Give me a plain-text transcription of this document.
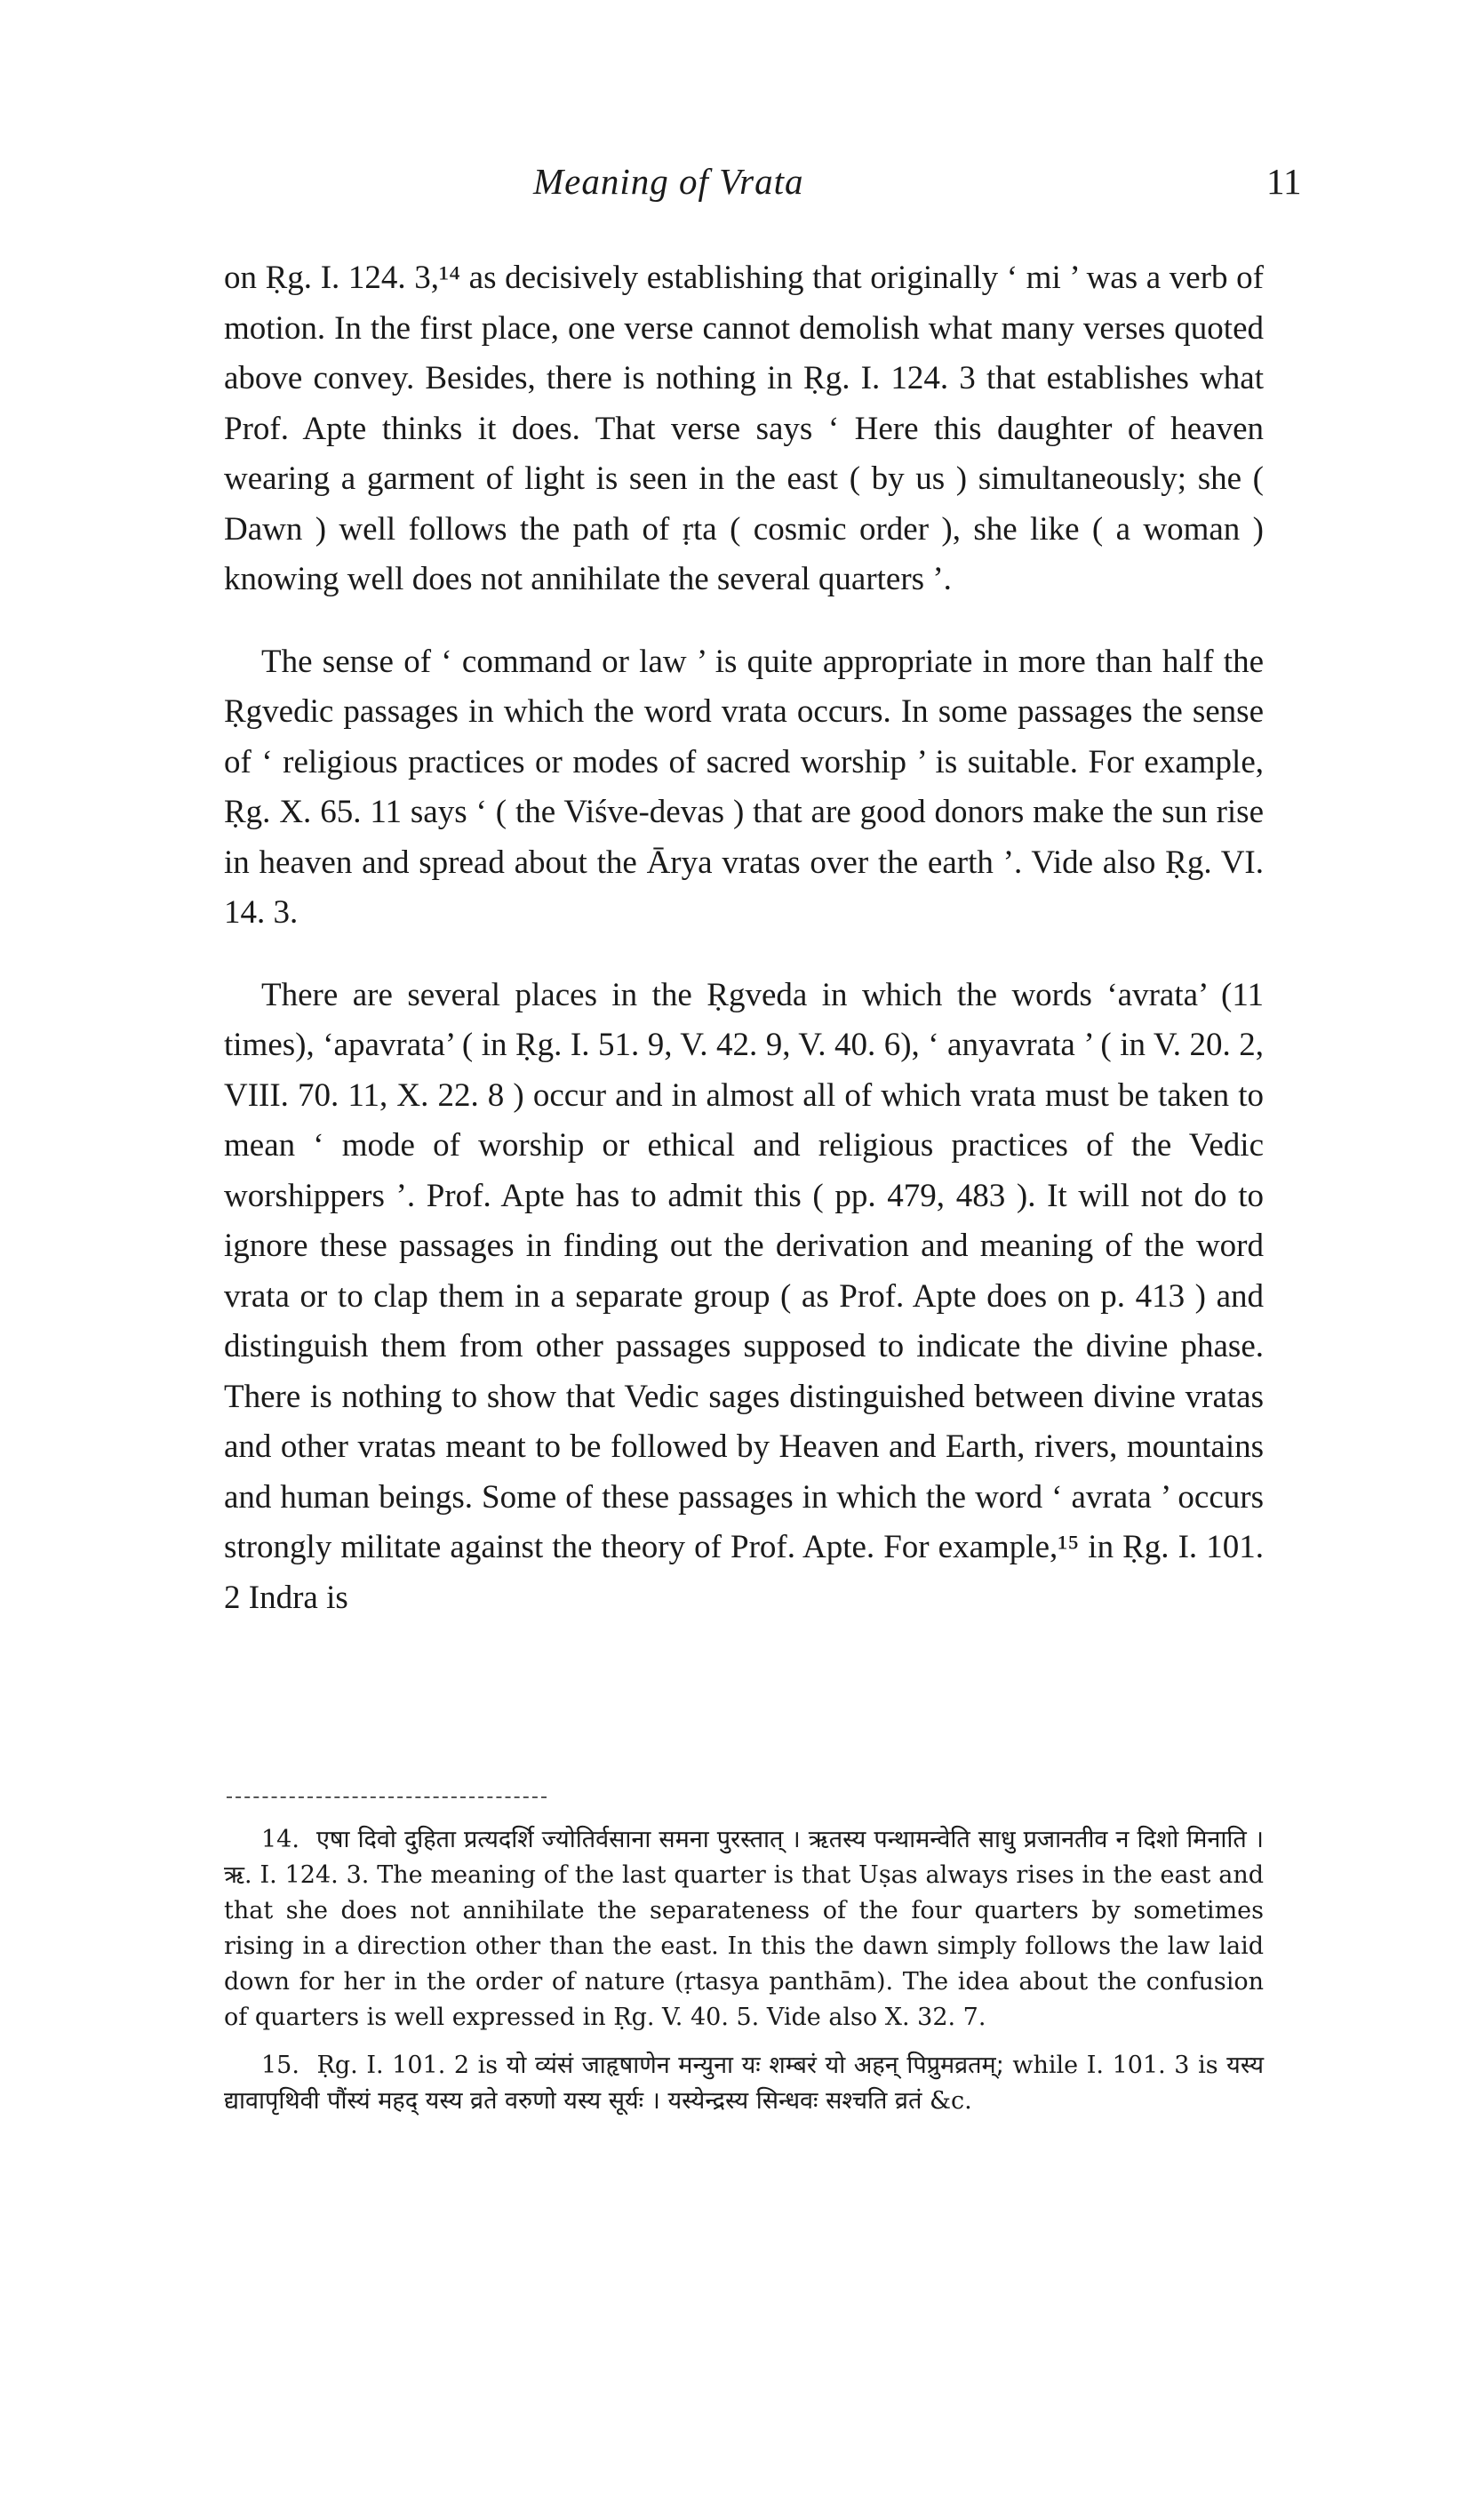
Meaning of Vrata	11

on Ṛg. I. 124. 3,¹⁴ as decisively establishing that originally ‘ mi ’ was a verb of motion. In the first place, one verse cannot demolish what many verses quoted above convey. Besides, there is nothing in Ṛg. I. 124. 3 that establishes what Prof. Apte thinks it does. That verse says ‘ Here this daughter of heaven wearing a garment of light is seen in the east ( by us ) simultaneously; she ( Dawn ) well follows the path of ṛta ( cosmic order ), she like ( a woman ) knowing well does not annihilate the several quarters ’.

The sense of ‘ command or law ’ is quite appropriate in more than half the Ṛgvedic passages in which the word vrata occurs. In some passages the sense of ‘ religious practices or modes of sacred worship ’ is suitable. For example, Ṛg. X. 65. 11 says ‘ ( the Viśve-devas ) that are good donors make the sun rise in heaven and spread about the Ārya vratas over the earth ’. Vide also Ṛg. VI. 14. 3.

There are several places in the Ṛgveda in which the words ‘avrata’ (11 times), ‘apavrata’ ( in Ṛg. I. 51. 9, V. 42. 9, V. 40. 6), ‘ anyavrata ’ ( in V. 20. 2, VIII. 70. 11, X. 22. 8 ) occur and in almost all of which vrata must be taken to mean ‘ mode of worship or ethical and religious practices of the Vedic worshippers ’. Prof. Apte has to admit this ( pp. 479, 483 ). It will not do to ignore these passages in finding out the derivation and meaning of the word vrata or to clap them in a separate group ( as Prof. Apte does on p. 413 ) and distinguish them from other passages supposed to indicate the divine phase. There is nothing to show that Vedic sages distinguished between divine vratas and other vratas meant to be followed by Heaven and Earth, rivers, mountains and human beings. Some of these passages in which the word ‘ avrata ’ occurs strongly militate against the theory of Prof. Apte. For example,¹⁵ in Ṛg. I. 101. 2 Indra is

14. एषा दिवो दुहिता प्रत्यदर्शि ज्योतिर्वसाना समना पुरस्तात् । ऋतस्य पन्थामन्वेति साधु प्रजानतीव न दिशो मिनाति । ऋ. I. 124. 3. The meaning of the last quarter is that Uṣas always rises in the east and that she does not annihilate the separateness of the four quarters by sometimes rising in a direction other than the east. In this the dawn simply follows the law laid down for her in the order of nature (ṛtasya panthām). The idea about the confusion of quarters is well expressed in Ṛg. V. 40. 5. Vide also X. 32. 7.

15. Ṛg. I. 101. 2 is यो व्यंसं जाहृषाणेन मन्युना यः शम्बरं यो अहन् पिप्रुमव्रतम्; while I. 101. 3 is यस्य द्यावापृथिवी पौंस्यं महद् यस्य व्रते वरुणो यस्य सूर्यः । यस्येन्द्रस्य सिन्धवः सश्चति व्रतं &c.
